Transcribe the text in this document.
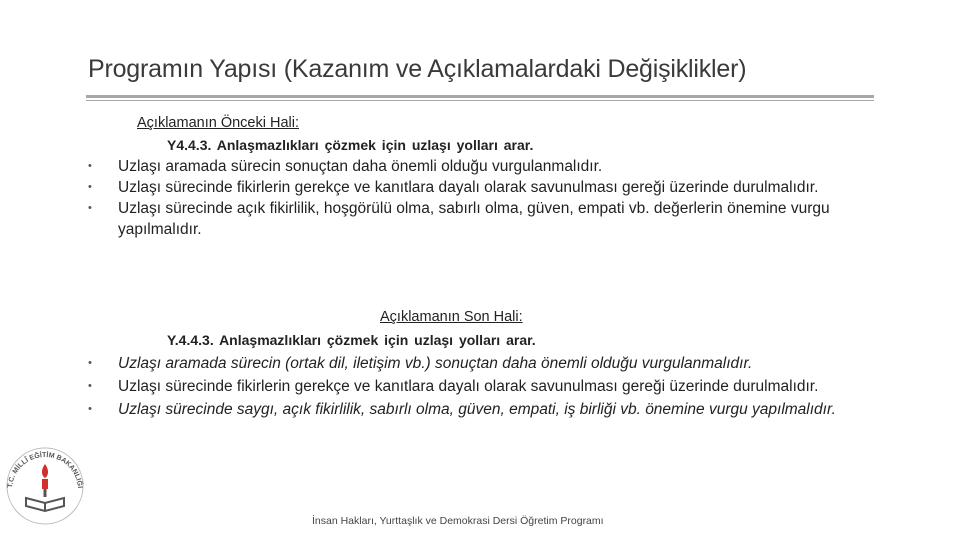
Programın Yapısı (Kazanım ve Açıklamalardaki Değişiklikler)
Açıklamanın Önceki Hali:
Y4.4.3. Anlaşmazlıkları çözmek için uzlaşı yolları arar.
•	Uzlaşı aramada sürecin sonuçtan daha önemli olduğu vurgulanmalıdır.
•	Uzlaşı sürecinde fikirlerin gerekçe ve kanıtlara dayalı olarak savunulması gereği üzerinde durulmalıdır.
•	Uzlaşı sürecinde açık fikirlilik, hoşgörülü olma, sabırlı olma, güven, empati vb. değerlerin önemine vurgu yapılmalıdır.
Açıklamanın Son Hali:
Y.4.4.3. Anlaşmazlıkları çözmek için uzlaşı yolları arar.
•	Uzlaşı aramada sürecin (ortak dil, iletişim vb.) sonuçtan daha önemli olduğu vurgulanmalıdır.
•	Uzlaşı sürecinde fikirlerin gerekçe ve kanıtlara dayalı olarak savunulması gereği üzerinde durulmalıdır.
•	Uzlaşı sürecinde saygı, açık fikirlilik, sabırlı olma, güven, empati, iş birliği vb. önemine vurgu yapılmalıdır.
T.C. MİLLÎ EĞİTİM BAKANLIĞI
İnsan Hakları, Yurttaşlık ve Demokrasi Dersi Öğretim Programı
